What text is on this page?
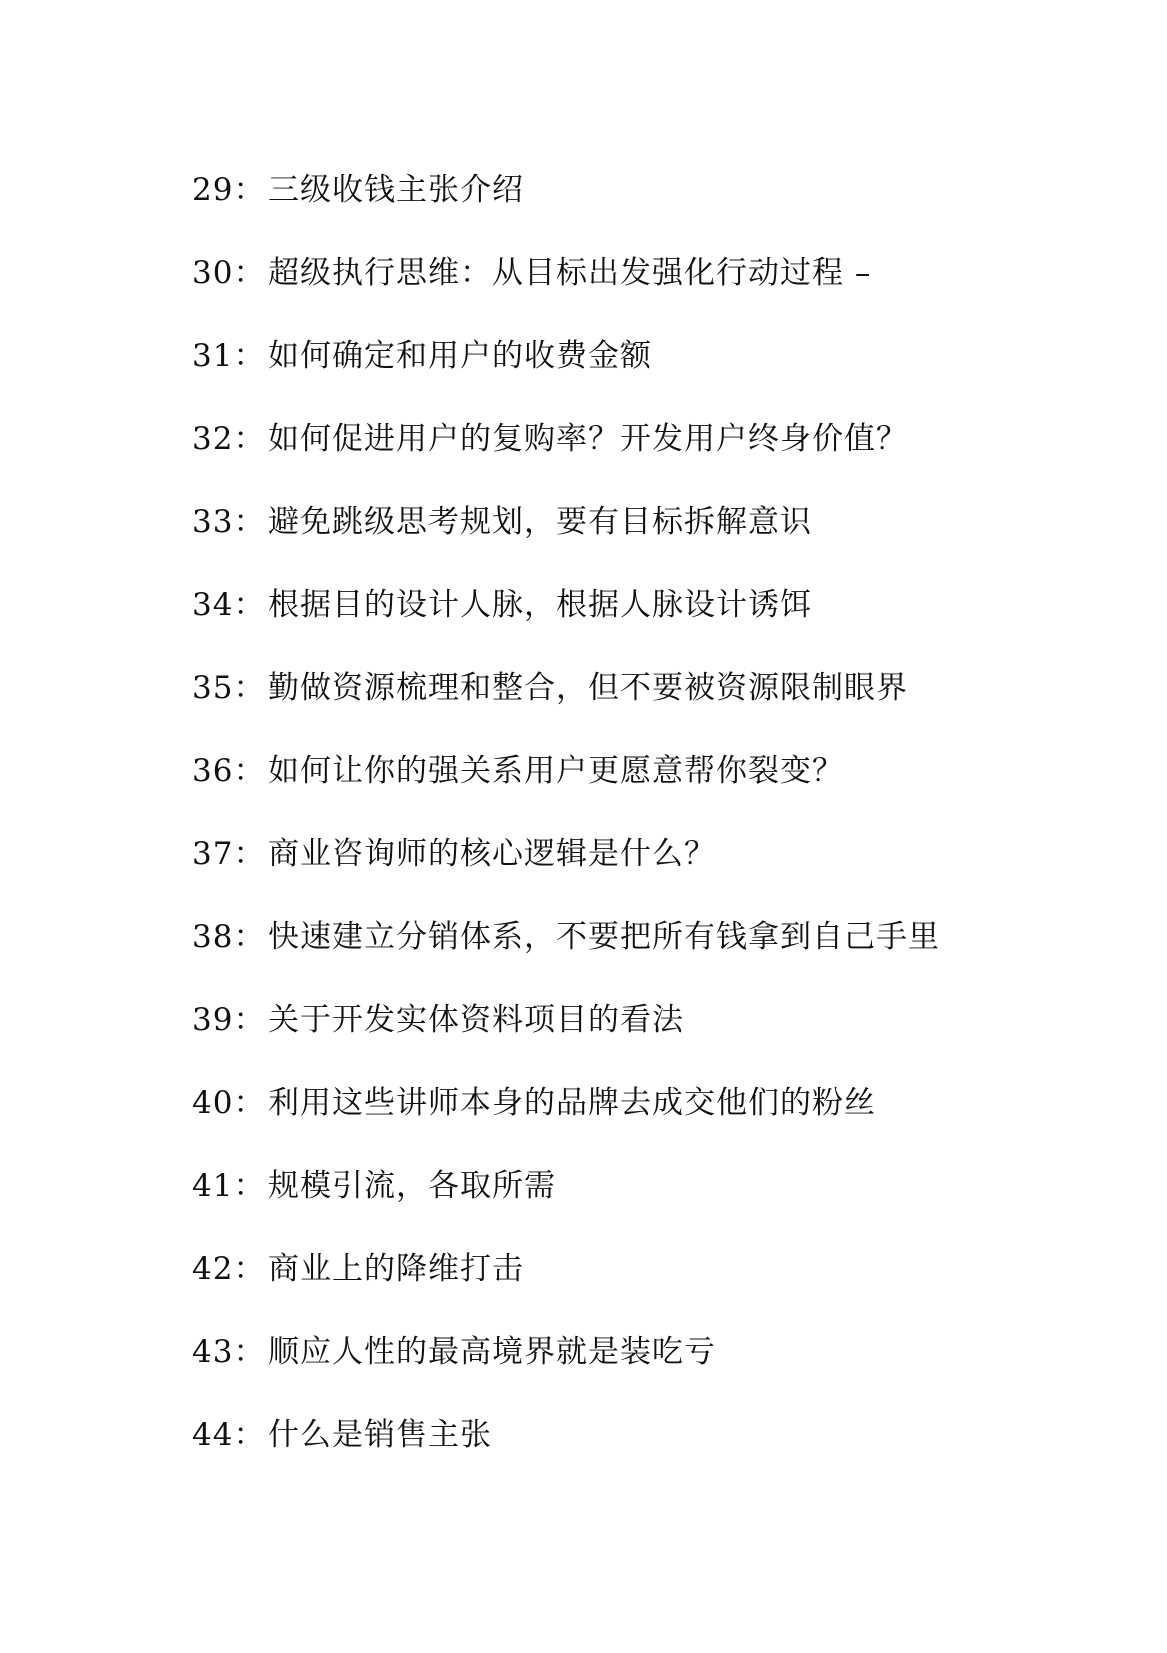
29： 三级收钱主张介绍
30： 超级执行思维：从目标出发强化行动过程 –
31： 如何确定和用户的收费金额
32： 如何促进用户的复购率？开发用户终身价值？
33： 避免跳级思考规划，要有目标拆解意识
34： 根据目的设计人脉，根据人脉设计诱饵
35： 勤做资源梳理和整合，但不要被资源限制眼界
36： 如何让你的强关系用户更愿意帮你裂变？
37： 商业咨询师的核心逻辑是什么？
38： 快速建立分销体系，不要把所有钱拿到自己手里
39： 关于开发实体资料项目的看法
40： 利用这些讲师本身的品牌去成交他们的粉丝
41： 规模引流，各取所需
42： 商业上的降维打击
43： 顺应人性的最高境界就是装吃亏
44： 什么是销售主张
